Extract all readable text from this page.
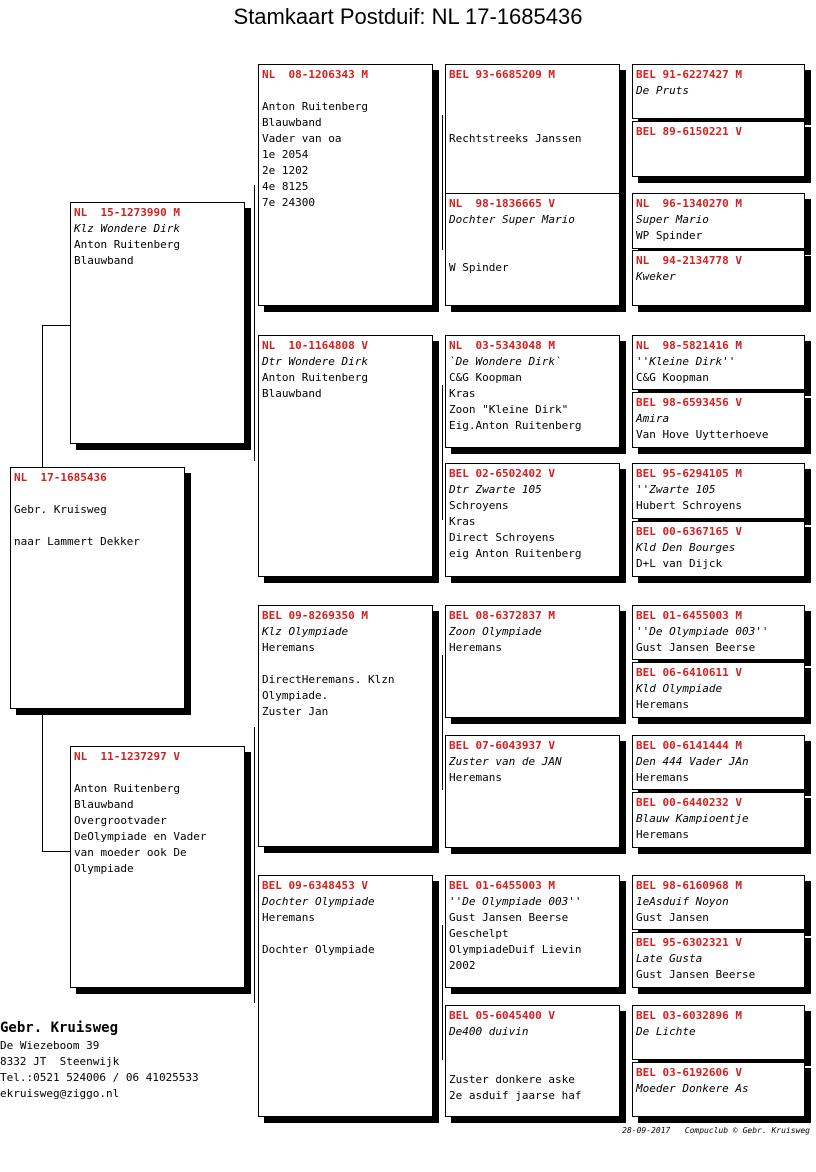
Stamkaart Postduif: NL 17-1685436
NL  17-1685436
Gebr. Kruisweg
naar Lammert Dekker
NL  15-1273990 M
Klz Wondere Dirk
Anton Ruitenberg
Blauwband
NL  11-1237297 V
Anton Ruitenberg
Blauwband
Overgrootvader
DeOlympiade en Vader
van moeder ook De
Olympiade
NL  08-1206343 M
Anton Ruitenberg
Blauwband
Vader van oa
1e 2054
2e 1202
4e 8125
7e 24300
NL  10-1164808 V
Dtr Wondere Dirk
Anton Ruitenberg
Blauwband
BEL 09-8269350 M
Klz Olympiade
Heremans
DirectHeremans. Klzn
Olympiade.
Zuster Jan
BEL 09-6348453 V
Dochter Olympiade
Heremans
Dochter Olympiade
BEL 93-6685209 M
Rechtstreeks Janssen
NL  98-1836665 V
Dochter Super Mario
W Spinder
NL  03-5343048 M
`De Wondere Dirk`
C&G Koopman
Kras
Zoon "Kleine Dirk"
Eig.Anton Ruitenberg
BEL 02-6502402 V
Dtr Zwarte 105
Schroyens
Kras
Direct Schroyens
eig Anton Ruitenberg
BEL 08-6372837 M
Zoon Olympiade
Heremans
BEL 07-6043937 V
Zuster van de JAN
Heremans
BEL 01-6455003 M
''De Olympiade 003''
Gust Jansen Beerse
Geschelpt
OlympiadeDuif Lievin
2002
BEL 05-6045400 V
De400 duivin
Zuster donkere aske
2e asduif jaarse haf
BEL 91-6227427 M
De Pruts
BEL 89-6150221 V
NL  96-1340270 M
Super Mario
WP Spinder
NL  94-2134778 V
Kweker
NL  98-5821416 M
''Kleine Dirk''
C&G Koopman
BEL 98-6593456 V
Amira
Van Hove Uytterhoeve
BEL 95-6294105 M
''Zwarte 105
Hubert Schroyens
BEL 00-6367165 V
Kld Den Bourges
D+L van Dijck
BEL 01-6455003 M
''De Olympiade 003''
Gust Jansen Beerse
BEL 06-6410611 V
Kld Olympiade
Heremans
BEL 00-6141444 M
Den 444 Vader JAn
Heremans
BEL 00-6440232 V
Blauw Kampioentje
Heremans
BEL 98-6160968 M
1eAsduif Noyon
Gust Jansen
BEL 95-6302321 V
Late Gusta
Gust Jansen Beerse
BEL 03-6032896 M
De Lichte
BEL 03-6192606 V
Moeder Donkere As
Gebr. Kruisweg
De Wiezeboom 39
8332 JT  Steenwijk
Tel.:0521 524006 / 06 41025533
ekruisweg@ziggo.nl
28-09-2017   Compuclub © Gebr. Kruisweg
